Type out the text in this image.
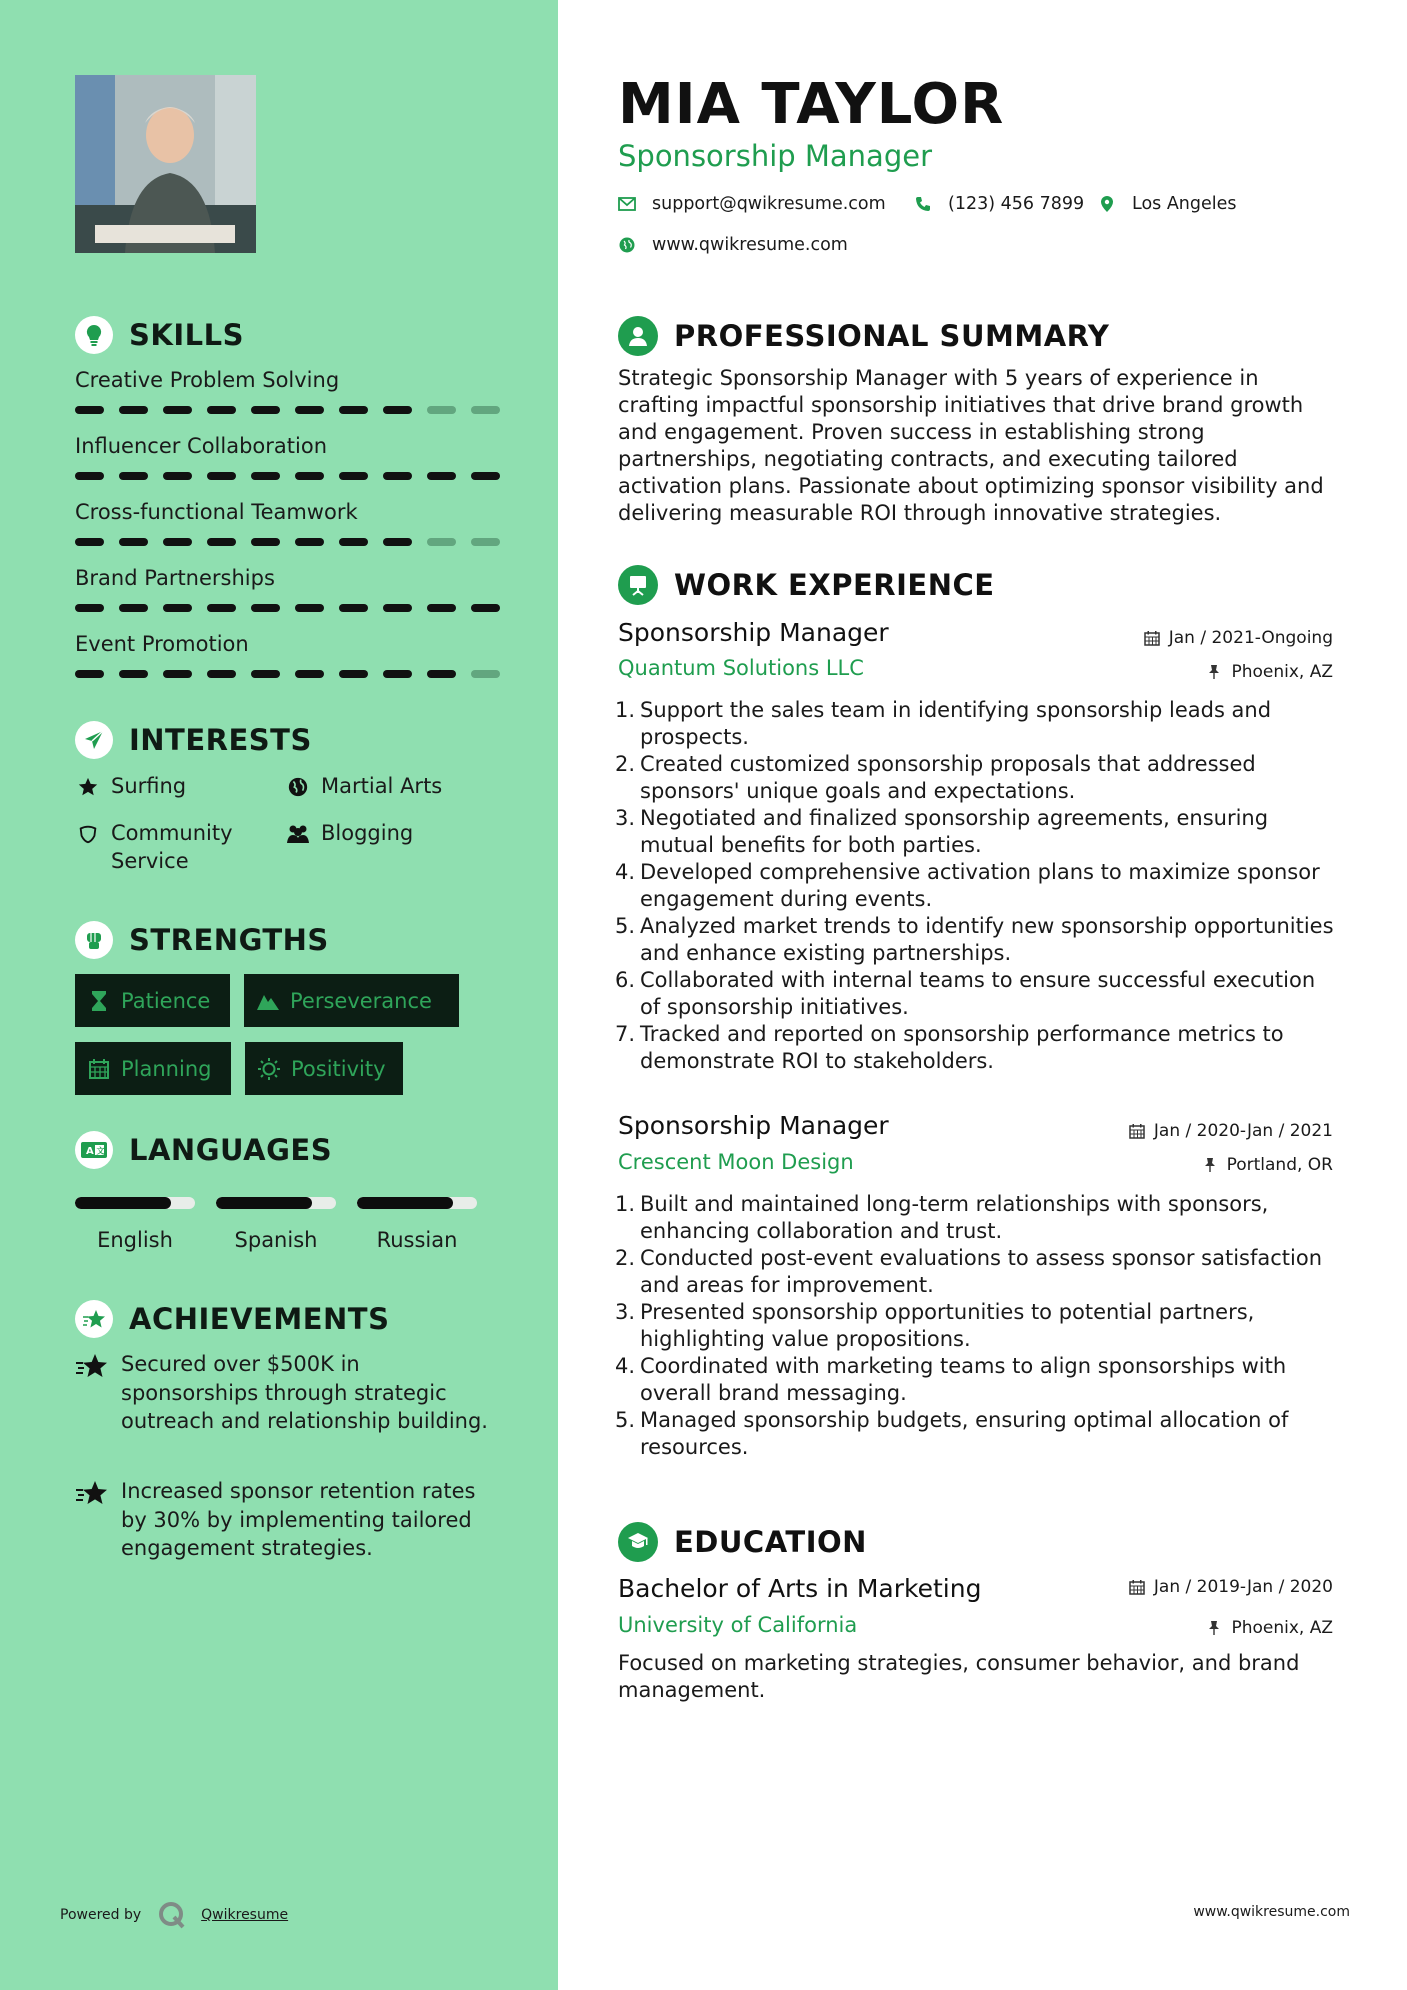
SKILLS
Creative Problem Solving
Influencer Collaboration
Cross-functional Teamwork
Brand Partnerships
Event Promotion
INTERESTS
Surfing	Martial Arts
Community Service
Blogging
STRENGTHS
Patience	Perseverance
Planning	Positivity
A 文 LANGUAGES
English	Spanish	Russian
ACHIEVEMENTS
Secured over $500K in sponsorships through strategic outreach and relationship building.
Increased sponsor retention rates by 30% by implementing tailored engagement strategies.
Powered by	Qwikresume
MIA TAYLOR
Sponsorship Manager
support@qwikresume.com	(123) 456 7899	Los Angeles
www.qwikresume.com
PROFESSIONAL SUMMARY
Strategic Sponsorship Manager with 5 years of experience in crafting impactful sponsorship initiatives that drive brand growth and engagement. Proven success in establishing strong partnerships, negotiating contracts, and executing tailored activation plans. Passionate about optimizing sponsor visibility and delivering measurable ROI through innovative strategies.
WORK EXPERIENCE
Sponsorship Manager	Jan / 2021-Ongoing
Quantum Solutions LLC	Phoenix, AZ
1. Support the sales team in identifying sponsorship leads and prospects.
2. Created customized sponsorship proposals that addressed sponsors' unique goals and expectations.
3. Negotiated and finalized sponsorship agreements, ensuring mutual benefits for both parties.
4. Developed comprehensive activation plans to maximize sponsor engagement during events.
5. Analyzed market trends to identify new sponsorship opportunities and enhance existing partnerships.
6. Collaborated with internal teams to ensure successful execution of sponsorship initiatives.
7. Tracked and reported on sponsorship performance metrics to demonstrate ROI to stakeholders.
Sponsorship Manager	Jan / 2020-Jan / 2021
Crescent Moon Design	Portland, OR
1. Built and maintained long-term relationships with sponsors, enhancing collaboration and trust.
2. Conducted post-event evaluations to assess sponsor satisfaction and areas for improvement.
3. Presented sponsorship opportunities to potential partners, highlighting value propositions.
4. Coordinated with marketing teams to align sponsorships with overall brand messaging.
5. Managed sponsorship budgets, ensuring optimal allocation of resources.
EDUCATION
Bachelor of Arts in Marketing	Jan / 2019-Jan / 2020
University of California	Phoenix, AZ
Focused on marketing strategies, consumer behavior, and brand management.
www.qwikresume.com
